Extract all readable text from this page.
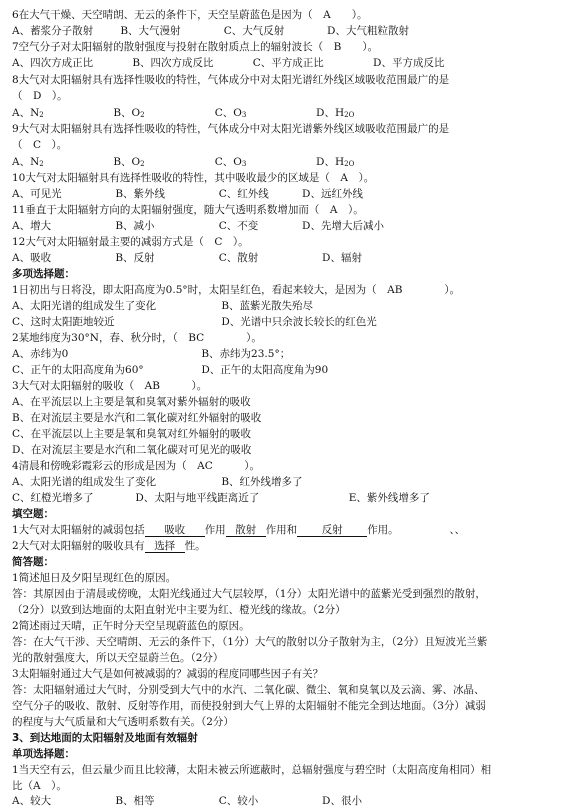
6在大气干燥、天空晴朗、无云的条件下，天空呈蔚蓝色是因为（　A　　）。
A、蓄浆分子散射	B、大气漫射	C、大气反射	D、大气粗粒散射
7空气分子对太阳辐射的散射强度与投射在散射质点上的辐射波长（　B　　）。
A、四次方成正比	B、四次方成反比	C、平方成正比	D、平方成反比
8大气对太阳辐射具有选择性吸收的特性，气体成分中对太阳光谱红外线区域吸收范围最广的是
（　D　）。
A、N2	B、O2	C、O3	D、H2O
9大气对太阳辐射具有选择性吸收的特性，气体成分中对太阳光谱紫外线区域吸收范围最广的是
（　C　）。
A、N2	B、O2	C、O3	D、H2O
10大气对太阳辐射具有选择性吸收的特性，其中吸收最少的区域是（　A　）。
A、可见光	B、紫外线	C、红外线	D、远红外线
11垂直于太阳辐射方向的太阳辐射强度，随大气透明系数增加而（　A　）。
A、增大	B、减小	C、不变	D、先增大后减小
12大气对太阳辐射最主要的减弱方式是（　C　）。
A、吸收	B、反射	C、散射	D、辐射
多项选择题：
1日初出与日将没，即太阳高度为0.5°时，太阳呈红色，看起来较大，是因为（　AB　　　　）。
A、太阳光谱的组成发生了变化	B、蓝紫光散失殆尽
C、这时太阳距地较近	D、光谱中只余波长较长的红色光
2某地纬度为30°N，春、秋分时，（　BC　　　　）。
A、赤纬为0	B、赤纬为23.5°；
C、正午的太阳高度角为60°	D、正午的太阳高度角为90
3大气对太阳辐射的吸收（　AB　　　）。
A、在平流层以上主要是氧和臭氧对紫外辐射的吸收
B、在对流层主要是水汽和二氧化碳对红外辐射的吸收
C、在平流层以上主要是氧和臭氧对红外辐射的吸收
D、在对流层主要是水汽和二氧化碳对可见光的吸收
4清晨和傍晚彩霞彩云的形成是因为（　AC　　　）。
A、太阳光谱的组成发生了变化	B、红外线增多了
C、红橙光增多了	D、太阳与地平线距离近了	E、紫外线增多了
填空题：
1大气对太阳辐射的减弱包括 吸收 作用 散射 作用和 反射 作用。	、、
2大气对太阳辐射的吸收具有 选择 性。
简答题：
1简述旭日及夕阳呈现红色的原因。
答：其原因由于清晨或傍晚，太阳光线通过大气层较厚，（1分）太阳光谱中的蓝紫光受到强烈的散射，
（2分）以致到达地面的太阳直射光中主要为红、橙光线的缘故。（2分）
2简述雨过天晴，正午时分天空呈现蔚蓝色的原因。
答：在大气干涉、天空晴朗、无云的条件下，（1分）大气的散射以分子散射为主，（2分）且短波光兰紫
光的散射强度大，所以天空显蔚兰色。（2分）
3太阳辐射通过大气是如何被减弱的？减弱的程度同哪些因子有关？
答：太阳辐射通过大气时，分别受到大气中的水汽、二氧化碳、微尘、氧和臭氧以及云滴、雾、冰晶、
空气分子的吸收、散射、反射等作用，而使投射到大气上界的太阳辐射不能完全到达地面。（3分）减弱
的程度与大气质量和大气透明系数有关。（2分）
3、到达地面的太阳辐射及地面有效辐射
单项选择题：
1当天空有云，但云量少而且比较薄，太阳未被云所遮蔽时，总辐射强度与碧空时（太阳高度角相同）相
比（A　）。
A、较大	B、相等	C、较小	D、很小
